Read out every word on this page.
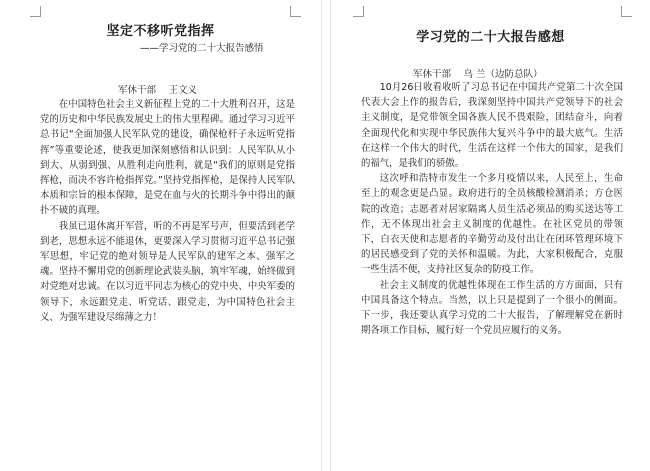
坚定不移听党指挥
——学习党的二十大报告感悟
军休干部　 王文义

在中国特色社会主义新征程上党的二十大胜利召开，这是党的历史和中华民族发展史上的伟大里程碑。通过学习习近平总书记“全面加强人民军队党的建设，确保枪杆子永远听党指挥”等重要论述，使我更加深刻感悟和认识到：人民军队从小到大、从弱到强、从胜利走向胜利，就是“我们的原则是党指挥枪，而决不容许枪指挥党。”坚持党指挥枪，是保持人民军队本质和宗旨的根本保障，是党在血与火的长期斗争中得出的颠扑不破的真理。

我虽已退休离开军营，听的不再是军号声，但要活到老学到老，思想永远不能退休，更要深入学习贯彻习近平总书记强军思想，牢记党的绝对领导是人民军队的建军之本、强军之魂。坚持不懈用党的创新理论武装头脑，筑牢军魂，始终做到对党绝对忠诚。在以习近平同志为核心的党中央、中央军委的领导下，永远跟党走、听党话、跟党走，为中国特色社会主义、为强军建设尽绵薄之力！

学习党的二十大报告感想
军休干部　 乌 兰（边防总队）

10月26日收看收听了习总书记在中国共产党第二十次全国代表大会上作的报告后，我深刻坚持中国共产党领导下的社会主义制度，是党带领全国各族人民不畏艰险，团结奋斗，向着全面现代化和实现中华民族伟大复兴斗争中的最大底气。生活在这样一个伟大的时代，生活在这样一个伟大的国家，是我们的福气，是我们的骄傲。

这次呼和浩特市发生一个多月疫情以来，人民至上，生命至上的观念更是凸显。政府进行的全员核酸检测消杀；方仓医院的改造；志愿者对居家隔离人员生活必须品的购买送达等工作，无不体现出社会主义制度的优越性。在社区党员的带领下，白衣天使和志愿者的辛勤劳动及付出让在闭环管理环境下的居民感受到了党的关怀和温暖。为此，大家积极配合，克服一些生活不便，支持社区复杂的防疫工作。

社会主义制度的优越性体现在工作生活的方方面面，只有中国具备这个特点。当然，以上只是提到了一个很小的侧面。下一步，我还要认真学习党的二十大报告，了解理解党在新时期各项工作目标，履行好一个党员应履行的义务。
